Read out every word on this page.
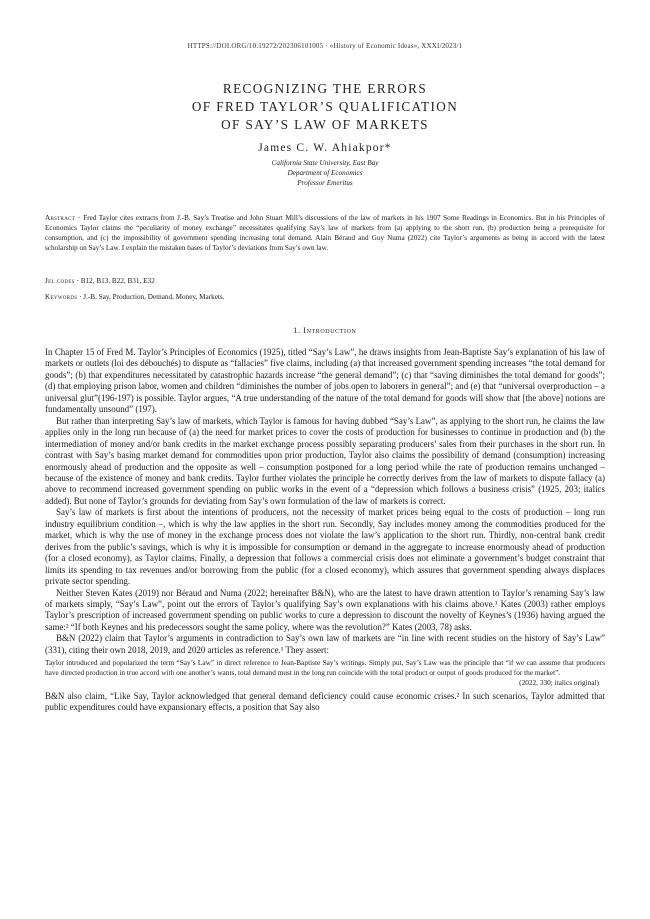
HTTPS://DOI.ORG/10.19272/202306101005 · «History of Economic Ideas», XXXI/2023/1
RECOGNIZING THE ERRORS
OF FRED TAYLOR’S QUALIFICATION
OF SAY’S LAW OF MARKETS
James C. W. Ahiakpor*
California State University, East Bay
Department of Economics
Professor Emeritus
Abstract · Fred Taylor cites extracts from J.-B. Say’s Treatise and John Stuart Mill’s discussions of the law of markets in his 1907 Some Readings in Economics. But in his Principles of Economics Taylor claims the “peculiarity of money exchange” necessitates qualifying Say’s law of markets from (a) applying to the short run, (b) production being a prerequisite for consumption, and (c) the impossibility of government spending increasing total demand. Alain Béraud and Guy Numa (2022) cite Taylor’s arguments as being in accord with the latest scholarship on Say’s Law. I explain the mistaken bases of Taylor’s deviations from Say’s own law.
Jel codes · B12, B13, B22, B31, E32
Keywords · J.-B. Say, Production, Demand, Money, Markets.
1. Introduction

In Chapter 15 of Fred M. Taylor’s Principles of Economics (1925), titled “Say’s Law”, he draws insights from Jean-Baptiste Say’s explanation of his law of markets or outlets (loi des débouchés) to dispute as “fallacies” five claims, including (a) that increased government spending increases “the total demand for goods”; (b) that expenditures necessitated by catastrophic hazards increase “the general demand”; (c) that “saving diminishes the total demand for goods”; (d) that employing prison labor, women and children “diminishes the number of jobs open to laborers in general”; and (e) that “universal overproduction – a universal glut”(196-197) is possible. Taylor argues, “A true understanding of the nature of the total demand for goods will show that [the above] notions are fundamentally unsound” (197).

But rather than interpreting Say’s law of markets, which Taylor is famous for having dubbed “Say’s Law”, as applying to the short run, he claims the law applies only in the long run because of (a) the need for market prices to cover the costs of production for businesses to continue in production and (b) the intermediation of money and/or bank credits in the market exchange process possibly separating producers’ sales from their purchases in the short run. In contrast with Say’s basing market demand for commodities upon prior production, Taylor also claims the possibility of demand (consumption) increasing enormously ahead of production and the opposite as well – consumption postponed for a long period while the rate of production remains unchanged – because of the existence of money and bank credits. Taylor further violates the principle he correctly derives from the law of markets to dispute fallacy (a) above to recommend increased government spending on public works in the event of a “depression which follows a business crisis” (1925, 203; italics added). But none of Taylor’s grounds for deviating from Say’s own formulation of the law of markets is correct.

Say’s law of markets is first about the intentions of producers, not the necessity of market prices being equal to the costs of production – long run industry equilibrium condition –, which is why the law applies in the short run. Secondly, Say includes money among the commodities produced for the market, which is why the use of money in the exchange process does not violate the law’s application to the short run. Thirdly, non-central bank credit derives from the public’s savings, which is why it is impossible for consumption or demand in the aggregate to increase enormously ahead of production (for a closed economy), as Taylor claims. Finally, a depression that follows a commercial crisis does not eliminate a government’s budget constraint that limits its spending to tax revenues and/or borrowing from the public (for a closed economy), which assures that government spending always displaces private sector spending.

Neither Steven Kates (2019) nor Béraud and Numa (2022; hereinafter B&N), who are the latest to have drawn attention to Taylor’s renaming Say’s law of markets simply, “Say’s Law”, point out the errors of Taylor’s qualifying Say’s own explanations with his claims above.¹ Kates (2003) rather employs Taylor’s prescription of increased government spending on public works to cure a depression to discount the novelty of Keynes’s (1936) having argued the same:² “If both Keynes and his predecessors sought the same policy, where was the revolution?” Kates (2003, 78) asks.

B&N (2022) claim that Taylor’s arguments in contradiction to Say’s own law of markets are “in line with recent studies on the history of Say’s Law” (331), citing their own 2018, 2019, and 2020 articles as reference.¹ They assert:

Taylor introduced and popularized the term “Say’s Law” in direct reference to Jean-Baptiste Say’s writings. Simply put, Say’s Law was the principle that “if we can assume that producers have directed production in true accord with one another’s wants, total demand must in the long run coincide with the total product or output of goods produced for the market”.
(2022, 330; italics original)

B&N also claim, “Like Say, Taylor acknowledged that general demand deficiency could cause economic crises.² In such scenarios, Taylor admitted that public expenditures could have expansionary effects, a position that Say also
